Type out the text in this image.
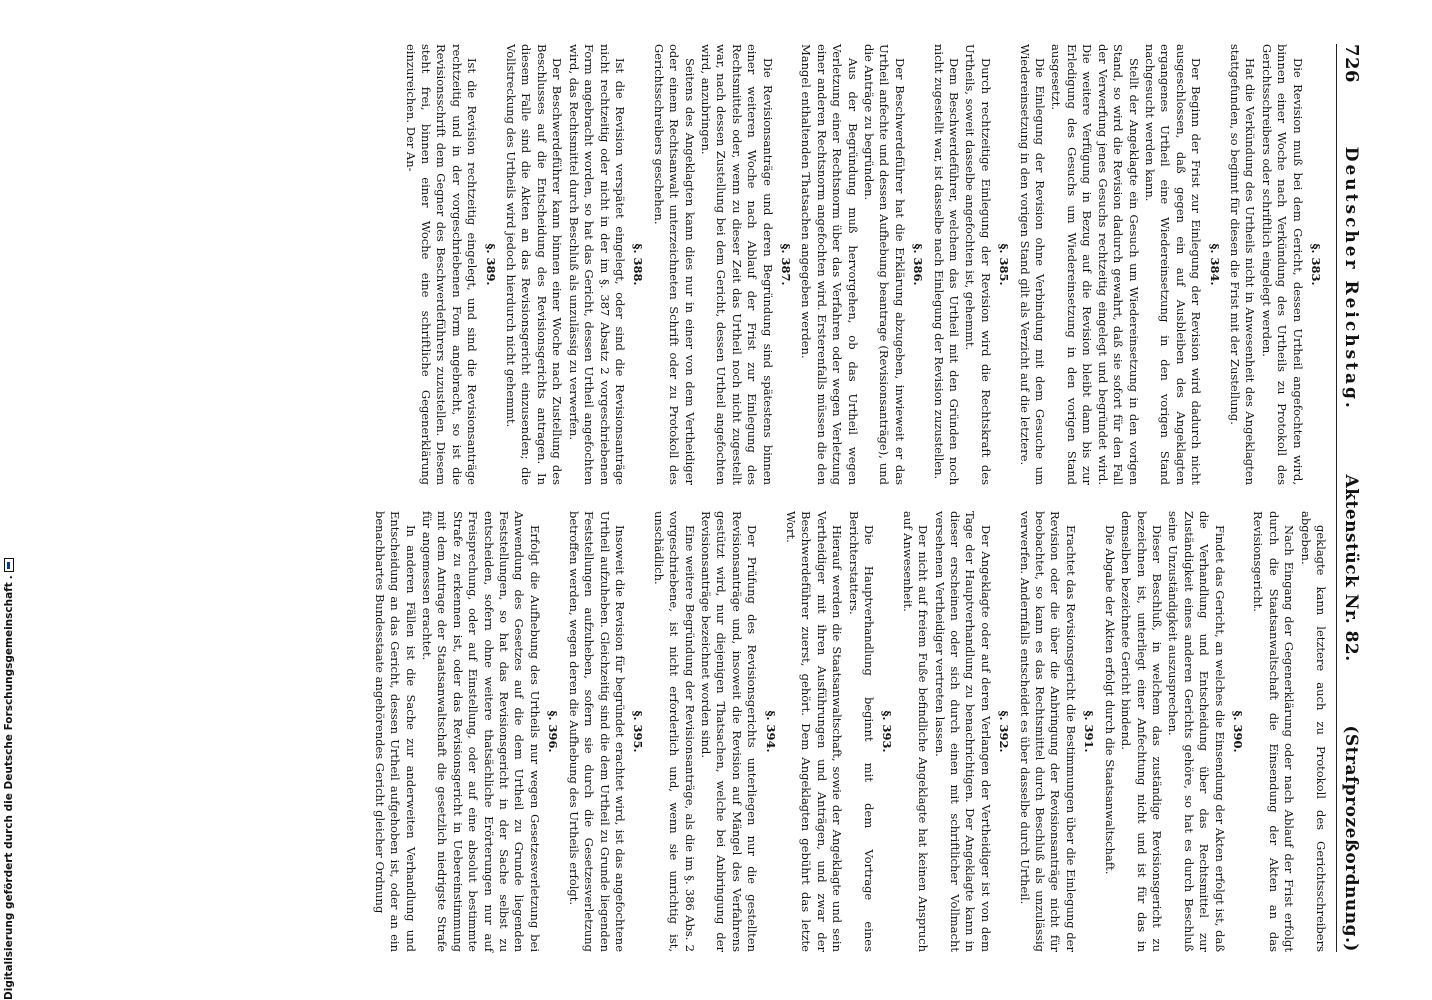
726
Deutscher Reichstag.
Aktenstück Nr. 82.
(Strafprozeßordnung.)

§. 383.

Die Revision muß bei dem Gericht, dessen Urtheil angefochten wird, binnen einer Woche nach Verkündung des Urtheils zu Protokoll des Gerichtsschreibers oder schriftlich eingelegt werden.

Hat die Verkündung des Urtheils nicht in Anwesenheit des Angeklagten stattgefunden, so beginnt für diesen die Frist mit der Zustellung.

§. 384.

Der Beginn der Frist zur Einlegung der Revision wird dadurch nicht ausgeschlossen, daß gegen ein auf Ausbleiben des Angeklagten ergangenes Urtheil eine Wiedereinsetzung in den vorigen Stand nachgesucht werden kann.

Stellt der Angeklagte ein Gesuch um Wiedereinsetzung in den vorigen Stand, so wird die Revision dadurch gewahrt, daß sie sofort für den Fall der Verwerfung jenes Gesuchs rechtzeitig eingelegt und begründet wird. Die weitere Verfügung in Bezug auf die Revision bleibt dann bis zur Erledigung des Gesuchs um Wiedereinsetzung in den vorigen Stand ausgesetzt.

Die Einlegung der Revision ohne Verbindung mit dem Gesuche um Wiedereinsetzung in den vorigen Stand gilt als Verzicht auf die letztere.

§. 385.

Durch rechtzeitige Einlegung der Revision wird die Rechtskraft des Urtheils, soweit dasselbe angefochten ist, gehemmt.

Dem Beschwerdeführer, welchem das Urtheil mit den Gründen noch nicht zugestellt war, ist dasselbe nach Einlegung der Revision zuzustellen.

§. 386.

Der Beschwerdeführer hat die Erklärung abzugeben, inwieweit er das Urtheil anfechte und dessen Aufhebung beantrage (Revisionsanträge), und die Anträge zu begründen.

Aus der Begründung muß hervorgehen, ob das Urtheil wegen Verletzung einer Rechtsnorm über das Verfahren oder wegen Verletzung einer anderen Rechtsnorm angefochten wird. Ersterenfalls müssen die den Mangel enthaltenden Thatsachen angegeben werden.

§. 387.

Die Revisionsanträge und deren Begründung sind spätestens binnen einer weiteren Woche nach Ablauf der Frist zur Einlegung des Rechtsmittels oder, wenn zu dieser Zeit das Urtheil noch nicht zugestellt war, nach dessen Zustellung bei dem Gericht, dessen Urtheil angefochten wird, anzubringen.

Seitens des Angeklagten kann dies nur in einer von dem Vertheidiger oder einem Rechtsanwalt unterzeichneten Schrift oder zu Protokoll des Gerichtsschreibers geschehen.

§. 388.

Ist die Revision verspätet eingelegt, oder sind die Revisionsanträge nicht rechtzeitig oder nicht in der im §. 387 Absatz 2 vorgeschriebenen Form angebracht worden, so hat das Gericht, dessen Urtheil angefochten wird, das Rechtsmittel durch Beschluß als unzulässig zu verwerfen.

Der Beschwerdeführer kann binnen einer Woche nach Zustellung des Beschlusses auf die Entscheidung des Revisionsgerichts antragen. In diesem Falle sind die Akten an das Revisionsgericht einzusenden; die Vollstreckung des Urtheils wird jedoch hierdurch nicht gehemmt.

§. 389.

Ist die Revision rechtzeitig eingelegt, und sind die Revisionsanträge rechtzeitig und in der vorgeschriebenen Form angebracht, so ist die Revisionsschrift dem Gegner des Beschwerdeführers zuzustellen. Diesem steht frei, binnen einer Woche eine schriftliche Gegenerklärung einzureichen. Der An-

geklagte kann letztere auch zu Protokoll des Gerichtsschreibers abgeben.

Nach Eingang der Gegenerklärung oder nach Ablauf der Frist erfolgt durch die Staatsanwaltschaft die Einsendung der Akten an das Revisionsgericht.

§. 390.

Findet das Gericht, an welches die Einsendung der Akten erfolgt ist, daß die Verhandlung und Entscheidung über das Rechtsmittel zur Zuständigkeit eines anderen Gerichts gehöre, so hat es durch Beschluß seine Unzuständigkeit auszusprechen.

Dieser Beschluß, in welchem das zuständige Revisionsgericht zu bezeichnen ist, unterliegt einer Anfechtung nicht und ist für das in demselben bezeichnete Gericht bindend.

Die Abgabe der Akten erfolgt durch die Staatsanwaltschaft.

§. 391.

Erachtet das Revisionsgericht die Bestimmungen über die Einlegung der Revision oder die über die Anbringung der Revisionsanträge nicht für beobachtet, so kann es das Rechtsmittel durch Beschluß als unzulässig verwerfen. Andernfalls entscheidet es über dasselbe durch Urtheil.

§. 392.

Der Angeklagte oder auf deren Verlangen der Vertheidiger ist von dem Tage der Hauptverhandlung zu benachrichtigen. Der Angeklagte kann in dieser erscheinen oder sich durch einen mit schriftlicher Vollmacht versehenen Vertheidiger vertreten lassen.

Der nicht auf freiem Fuße befindliche Angeklagte hat keinen Anspruch auf Anwesenheit.

§. 393.

Die Hauptverhandlung beginnt mit dem Vortrage eines Berichterstatters.

Hierauf werden die Staatsanwaltschaft, sowie der Angeklagte und sein Vertheidiger mit ihren Ausführungen und Anträgen, und zwar der Beschwerdeführer zuerst, gehört. Dem Angeklagten gebührt das letzte Wort.

§. 394.

Der Prüfung des Revisionsgerichts unterliegen nur die gestellten Revisionsanträge und, insoweit die Revision auf Mängel des Verfahrens gestützt wird, nur diejenigen Thatsachen, welche bei Anbringung der Revisionsanträge bezeichnet worden sind.

Eine weitere Begründung der Revisionsanträge, als die im §. 386 Abs. 2 vorgeschriebene, ist nicht erforderlich und, wenn sie unrichtig ist, unschädlich.

§. 395.

Insoweit die Revision für begründet erachtet wird, ist das angefochtene Urtheil aufzuheben. Gleichzeitig sind die dem Urtheil zu Grunde liegenden Feststellungen aufzuheben, sofern sie durch die Gesetzesverletzung betroffen werden, wegen deren die Aufhebung des Urtheils erfolgt.

§. 396.

Erfolgt die Aufhebung des Urtheils nur wegen Gesetzesverletzung bei Anwendung des Gesetzes auf die dem Urtheil zu Grunde liegenden Feststellungen, so hat das Revisionsgericht in der Sache selbst zu entscheiden, sofern ohne weitere thatsächliche Erörterungen nur auf Freisprechung, oder auf Einstellung, oder auf eine absolut bestimmte Strafe zu erkennen ist, oder das Revisionsgericht in Uebereinstimmung mit dem Antrage der Staatsanwaltschaft die gesetzlich niedrigste Strafe für angemessen erachtet.

In anderen Fällen ist die Sache zur anderweiten Verhandlung und Entscheidung an das Gericht, dessen Urtheil aufgehoben ist, oder an ein benachbartes Bundesstaate angehörendes Gericht gleicher Ordnung

Digitalisierung gefördert durch die Deutsche Forschungsgemeinschaft
.
